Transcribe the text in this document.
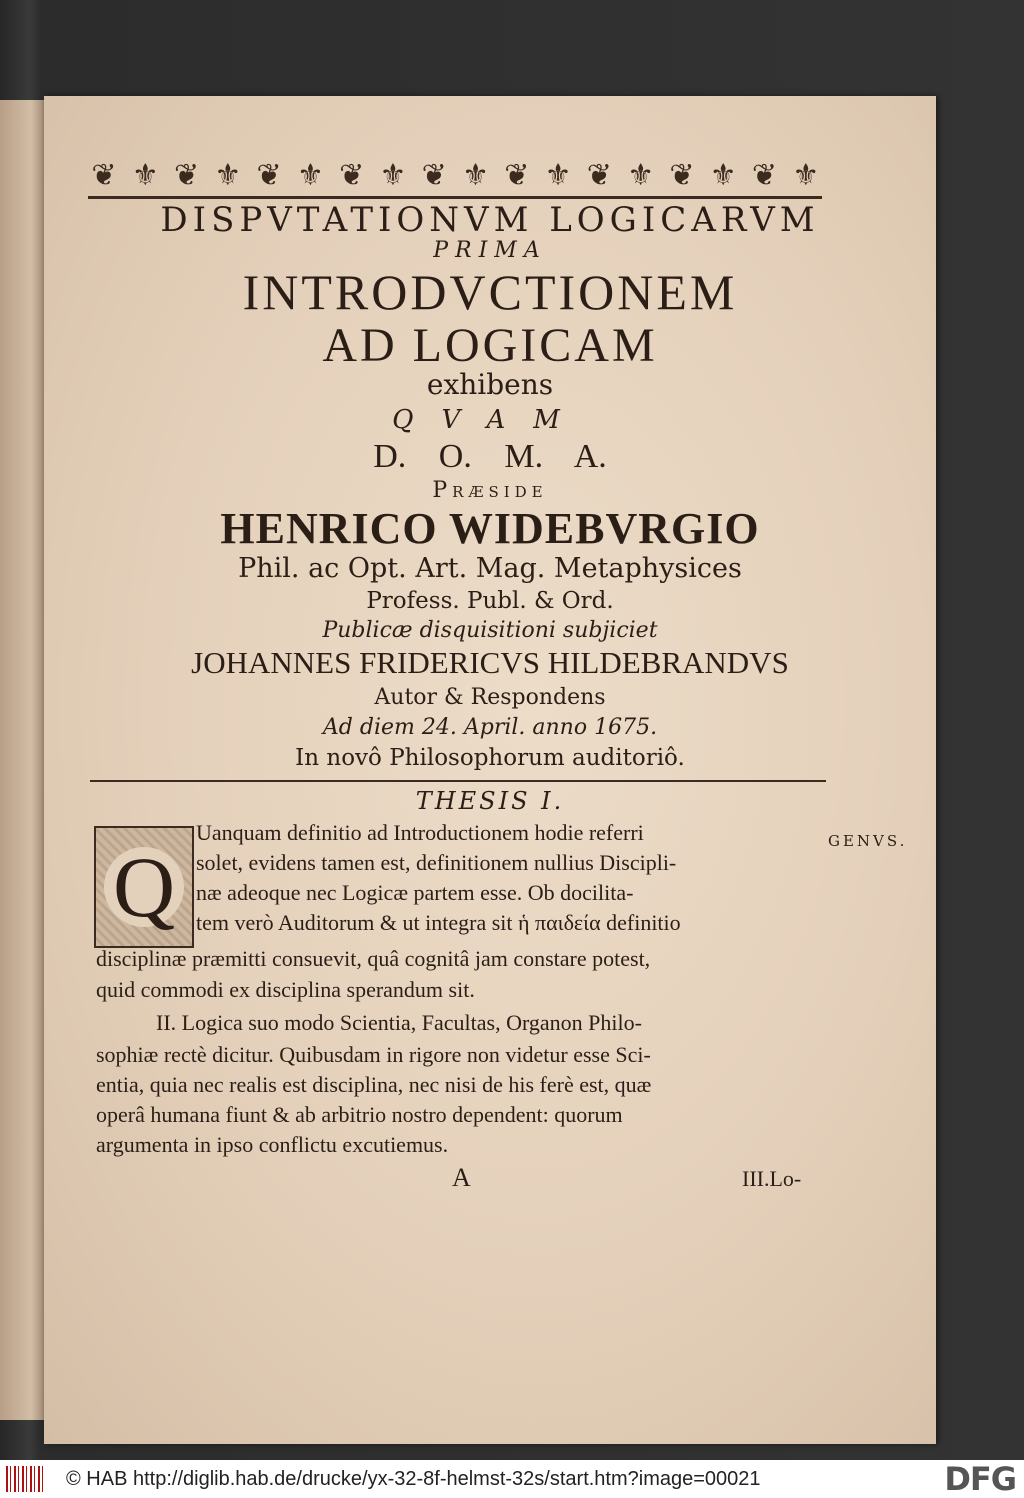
❦ ⚜ ❦ ⚜ ❦ ⚜ ❦ ⚜ ❦ ⚜ ❦ ⚜ ❦ ⚜ ❦ ⚜ ❦ ⚜
DISPVTATIONVM LOGICARVM
PRIMA
INTRODVCTIONEM
AD LOGICAM
exhibens
QVAM
D. O. M. A.
Præside
HENRICO WIDEBVRGIO
Phil. ac Opt. Art. Mag. Metaphysices
Profess. Publ. & Ord.
Publicæ disquisitioni subjiciet
JOHANNES FRIDERICVS HILDEBRANDVS
Autor & Respondens
Ad diem 24. April. anno 1675.
In novô Philosophorum auditoriô.
THESIS I.
Q	GENVS.
Uanquam definitio ad Introductionem hodie referri
solet, evidens tamen est, definitionem nullius Discipli-
næ adeoque nec Logicæ partem esse. Ob docilita-
tem verò Auditorum & ut integra sit ἡ παιδεία definitio
disciplinæ præmitti consuevit, quâ cognitâ jam constare potest,
quid commodi ex disciplina sperandum sit.
II. Logica suo modo Scientia, Facultas, Organon Philo-
sophiæ rectè dicitur. Quibusdam in rigore non videtur esse Sci-
entia, quia nec realis est disciplina, nec nisi de his ferè est, quæ
operâ humana fiunt & ab arbitrio nostro dependent: quorum
argumenta in ipso conflictu excutiemus.
A	III.Lo-
© HAB http://diglib.hab.de/drucke/yx-32-8f-helmst-32s/start.htm?image=00021	DFG
